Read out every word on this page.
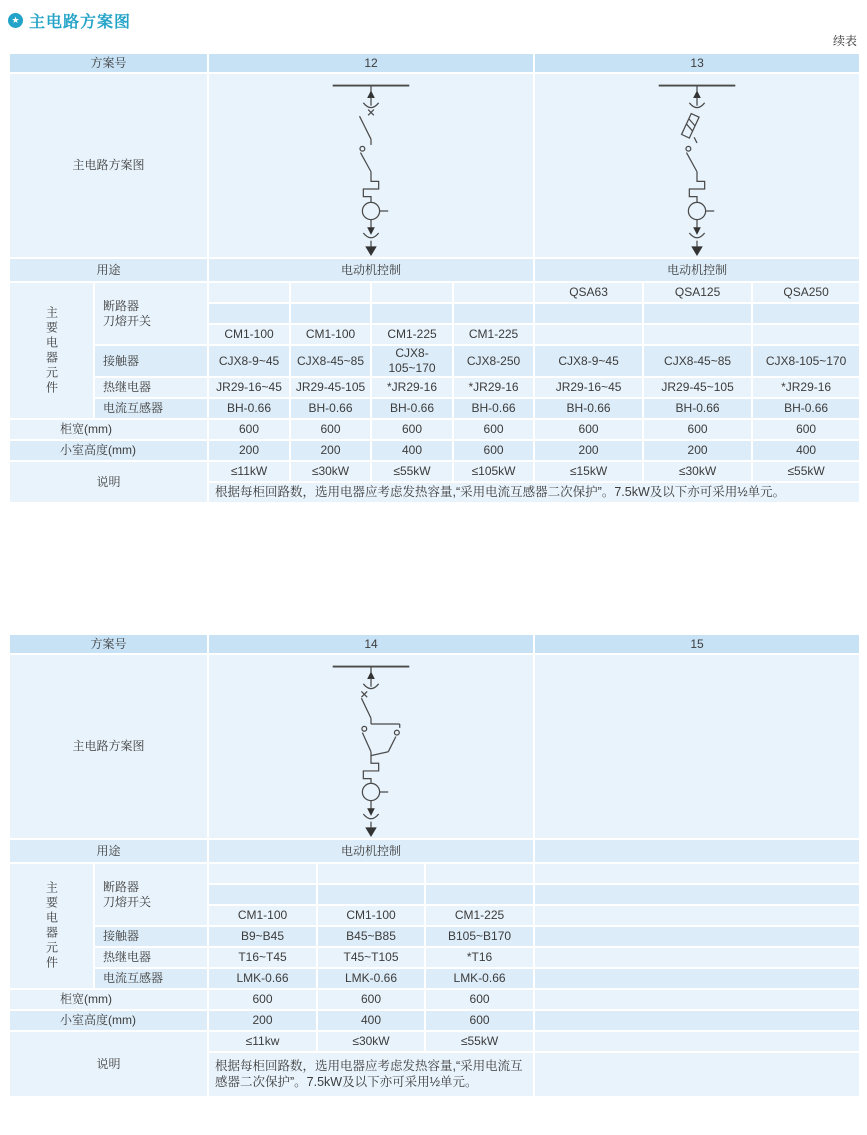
★ 主电路方案图
续表
方案号		12				13		
主电路方案图	

用途		电动机控制				电动机控制		

主要电器元件	断路器
刀熔开关					QSA63	QSA125	QSA250

		CM1-100	CM1-100	CM1-225	CM1-225			
	接触器	CJX8-9~45	CJX8-45~85	CJX8-105~170	CJX8-250	CJX8-9~45	CJX8-45~85	CJX8-105~170
	热继电器	JR29-16~45	JR29-45-105	*JR29-16	*JR29-16	JR29-16~45	JR29-45~105	*JR29-16
	电流互感器	BH-0.66	BH-0.66	BH-0.66	BH-0.66	BH-0.66	BH-0.66	BH-0.66
柜宽(mm)		600	600	600	600	600	600	600
小室高度(mm)		200	200	400	600	200	200	400
说明		≤11kW	≤30kW	≤55kW	≤105kW	≤15kW	≤30kW	≤55kW
		根据每柜回路数，选用电器应考虑发热容量,“采用电流互感器二次保护”。7.5kW及以下亦可采用½单元。						
方案号		14			15
主电路方案图	

用途		电动机控制			

主要电器元件	断路器
刀熔开关				

		CM1-100	CM1-100	CM1-225	
	接触器	B9~B45	B45~B85	B105~B170	
	热继电器	T16~T45	T45~T105	*T16	
	电流互感器	LMK-0.66	LMK-0.66	LMK-0.66	
柜宽(mm)		600	600	600	
小室高度(mm)		200	400	600	
说明		≤11kw	≤30kW	≤55kW	
		根据每柜回路数，选用电器应考虑发热容量,“采用电流互感器二次保护”。7.5kW及以下亦可采用½单元。			
